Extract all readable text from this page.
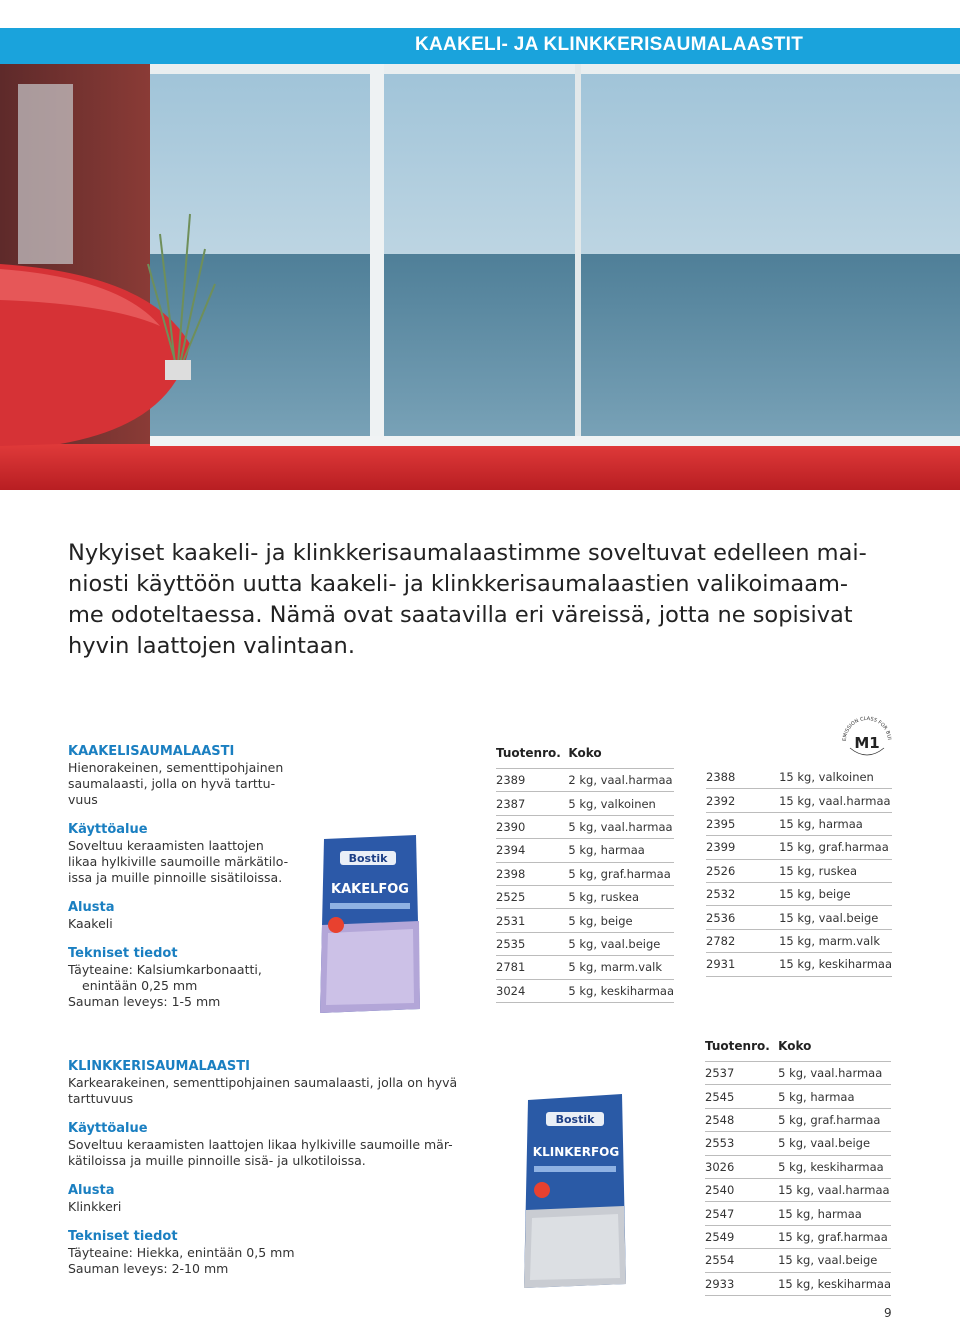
KAAKELI- JA KLINKKERISAUMALAASTIT

Nykyiset kaakeli- ja klinkkerisaumalaastimme soveltuvat edelleen mai-

niosti käyttöön uutta kaakeli- ja klinkkerisaumalaastien valikoimaam-

me odoteltaessa. Nämä ovat saatavilla eri väreissä, jotta ne sopisivat

hyvin laattojen valintaan.

EMISSION CLASS FOR BUI
M1

KAAKELISAUMALAASTI

Hienorakeinen, sementtipohjainen

saumalaasti, jolla on hyvä tarttu-

vuus

Käyttöalue

Soveltuu keraamisten laattojen

likaa hylkiville saumoille märkätilo-

issa ja muille pinnoille sisätiloissa.

Alusta

Kaakeli

Tekniset tiedot

Täyteaine: Kalsiumkarbonaatti,

enintään 0,25 mm

Sauman leveys: 1-5 mm

Bostik
KAKELFOG
Tuotenro.	Koko
2389	2 kg, vaal.harmaa
2387	5 kg, valkoinen
2390	5 kg, vaal.harmaa
2394	5 kg, harmaa
2398	5 kg, graf.harmaa
2525	5 kg, ruskea
2531	5 kg, beige
2535	5 kg, vaal.beige
2781	5 kg, marm.valk
3024	5 kg, keskiharmaa
2388	15 kg, valkoinen
2392	15 kg, vaal.harmaa
2395	15 kg, harmaa
2399	15 kg, graf.harmaa
2526	15 kg, ruskea
2532	15 kg, beige
2536	15 kg, vaal.beige
2782	15 kg, marm.valk
2931	15 kg, keskiharmaa

KLINKKERISAUMALAASTI

Karkearakeinen, sementtipohjainen saumalaasti, jolla on hyvä

tarttuvuus

Käyttöalue

Soveltuu keraamisten laattojen likaa hylkiville saumoille mär-

kätiloissa ja muille pinnoille sisä- ja ulkotiloissa.

Alusta

Klinkkeri

Tekniset tiedot

Täyteaine: Hiekka, enintään 0,5 mm

Sauman leveys: 2-10 mm

Bostik
KLINKERFOG
Tuotenro.	Koko
2537	5 kg, vaal.harmaa
2545	5 kg, harmaa
2548	5 kg, graf.harmaa
2553	5 kg, vaal.beige
3026	5 kg, keskiharmaa
2540	15 kg, vaal.harmaa
2547	15 kg, harmaa
2549	15 kg, graf.harmaa
2554	15 kg, vaal.beige
2933	15 kg, keskiharmaa
9
